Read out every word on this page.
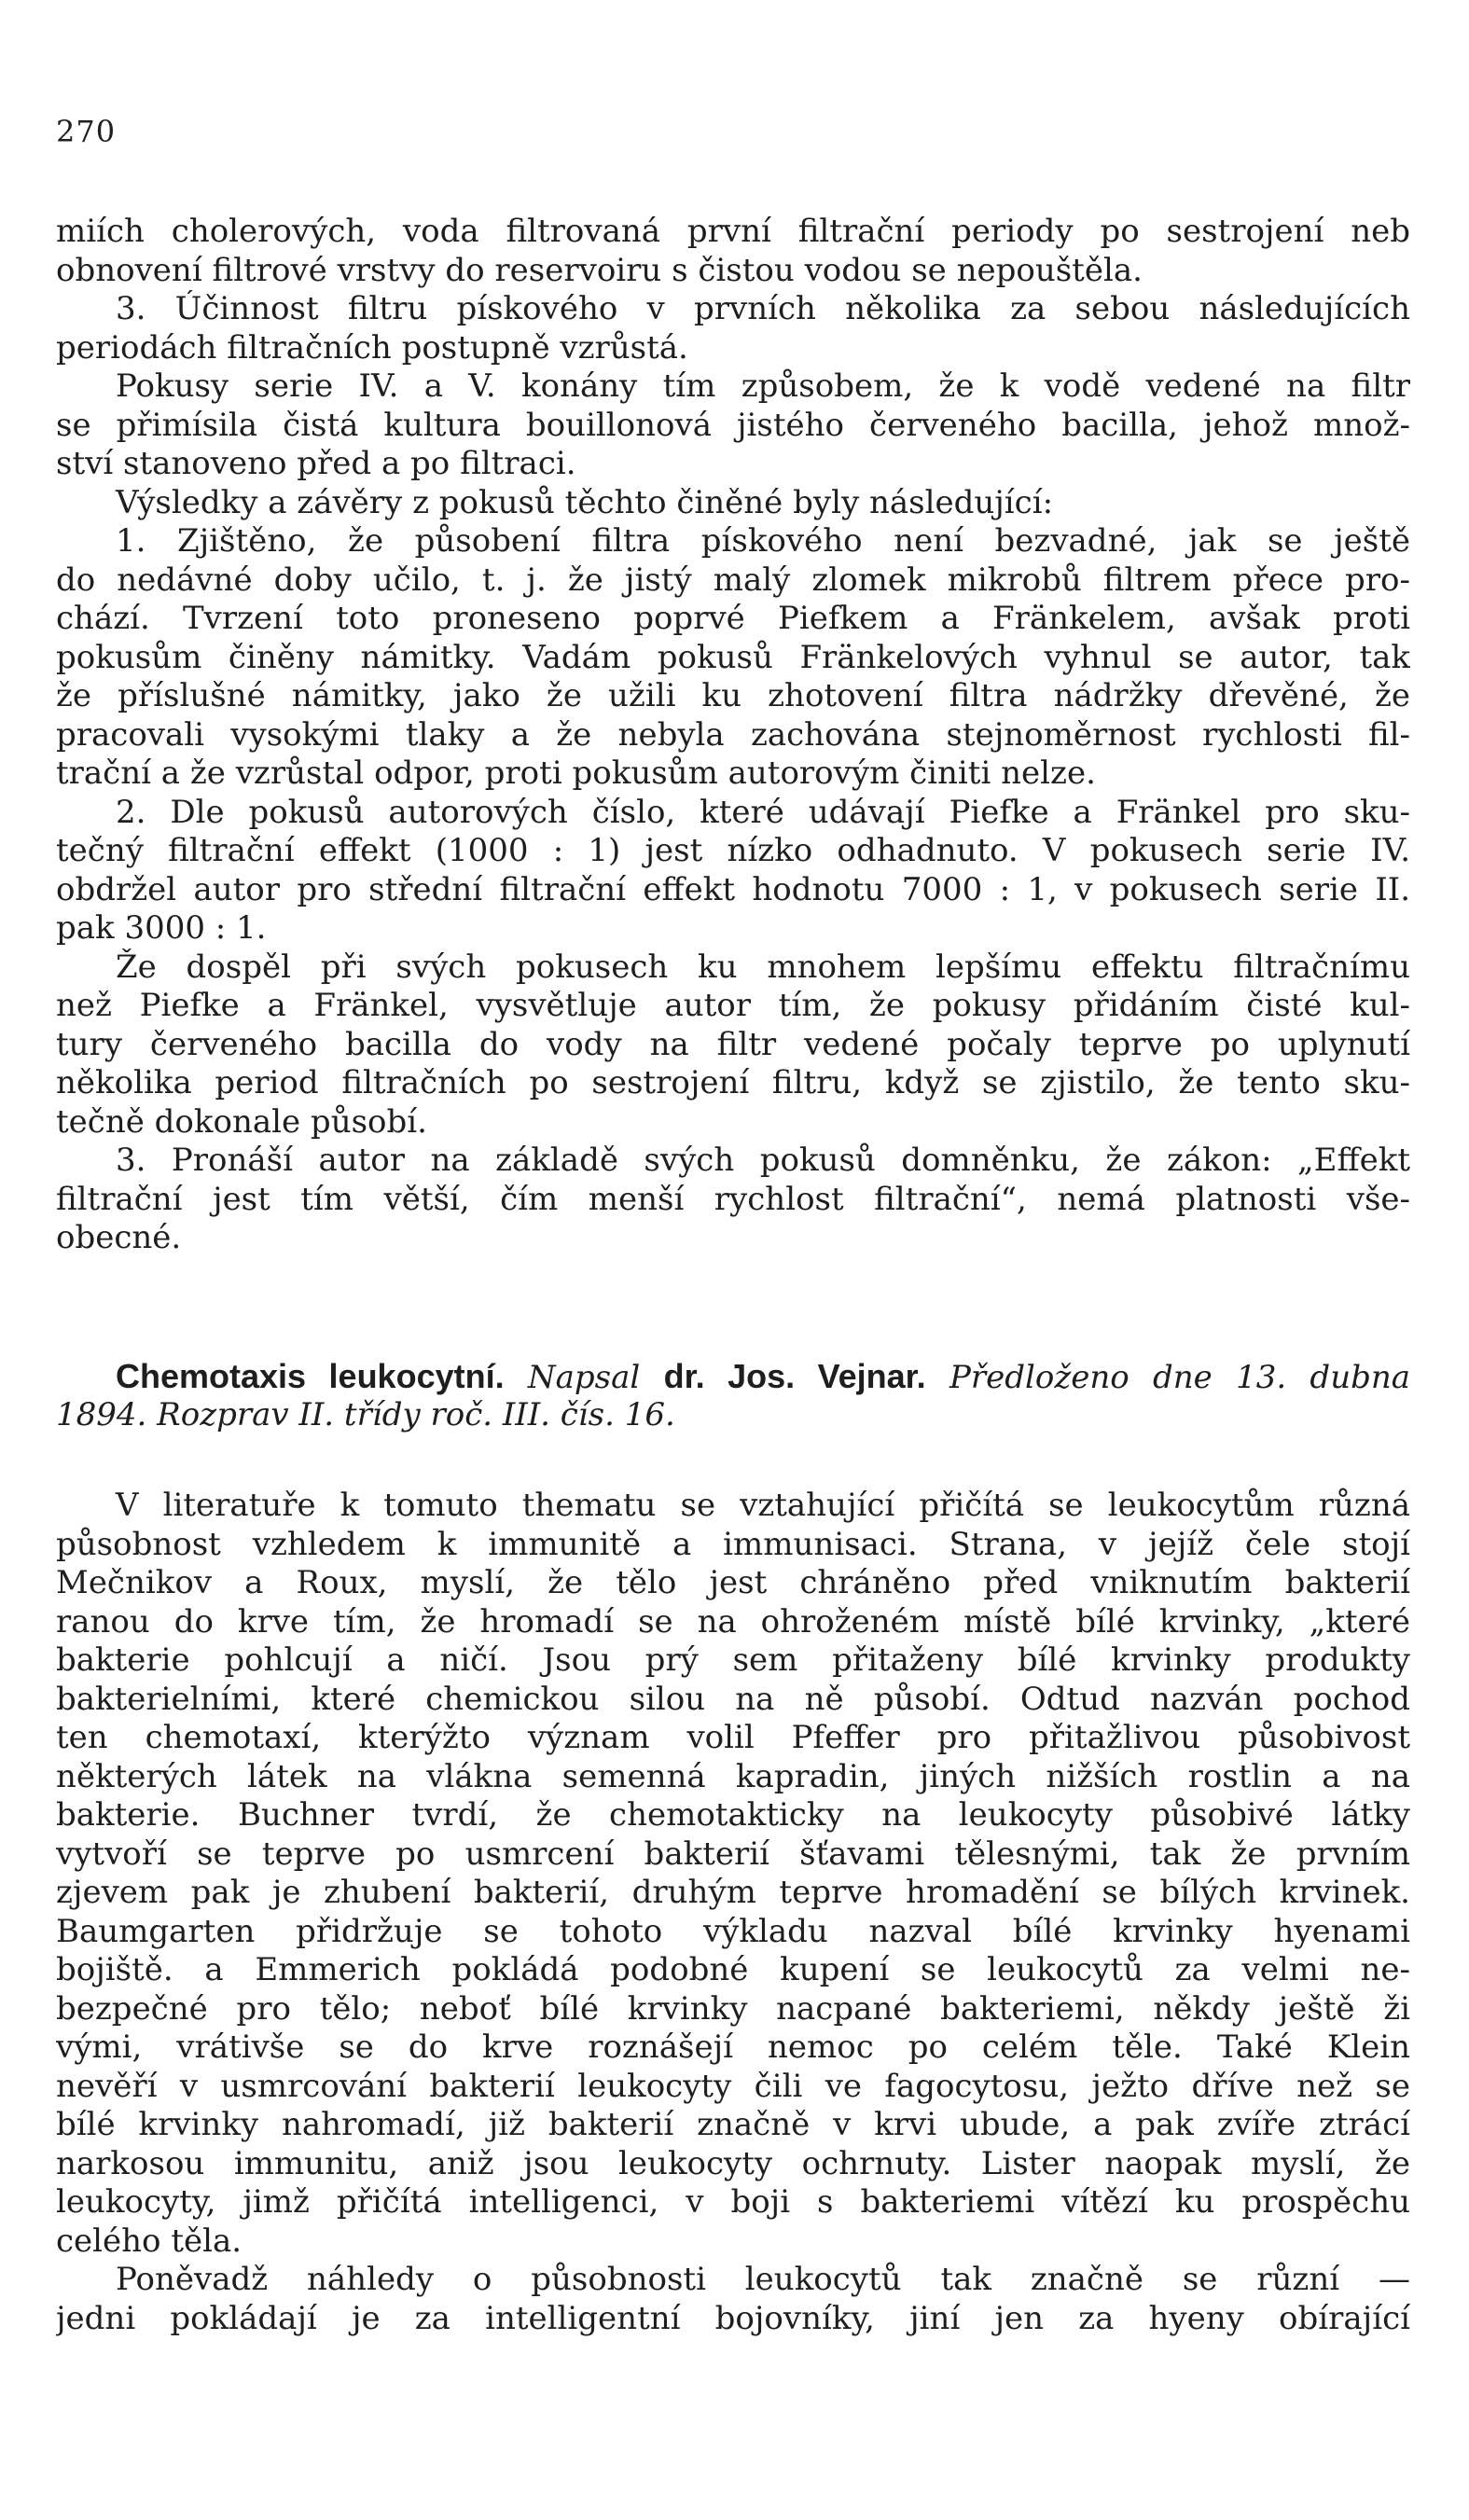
270
miích cholerových, voda filtrovaná první filtrační periody po sestrojení neb
obnovení filtrové vrstvy do reservoiru s čistou vodou se nepouštěla.
3. Účinnost filtru pískového v prvních několika za sebou následujících
periodách filtračních postupně vzrůstá.
Pokusy serie IV. a V. konány tím způsobem, že k vodě vedené na filtr
se přimísila čistá kultura bouillonová jistého červeného bacilla, jehož množ-
ství stanoveno před a po filtraci.
Výsledky a závěry z pokusů těchto činěné byly následující:
1. Zjištěno, že působení filtra pískového není bezvadné, jak se ještě
do nedávné doby učilo, t. j. že jistý malý zlomek mikrobů filtrem přece pro-
chází. Tvrzení toto proneseno poprvé Piefkem a Fränkelem, avšak proti
pokusům činěny námitky. Vadám pokusů Fränkelových vyhnul se autor, tak
že příslušné námitky, jako že užili ku zhotovení filtra nádržky dřevěné, že
pracovali vysokými tlaky a že nebyla zachována stejnoměrnost rychlosti fil-
trační a že vzrůstal odpor, proti pokusům autorovým činiti nelze.
2. Dle pokusů autorových číslo, které udávají Piefke a Fränkel pro sku-
tečný filtrační effekt (1000 : 1) jest nízko odhadnuto. V pokusech serie IV.
obdržel autor pro střední filtrační effekt hodnotu 7000 : 1, v pokusech serie II.
pak 3000 : 1.
Že dospěl při svých pokusech ku mnohem lepšímu effektu filtračnímu
než Piefke a Fränkel, vysvětluje autor tím, že pokusy přidáním čisté kul-
tury červeného bacilla do vody na filtr vedené počaly teprve po uplynutí
několika period filtračních po sestrojení filtru, když se zjistilo, že tento sku-
tečně dokonale působí.
3. Pronáší autor na základě svých pokusů domněnku, že zákon: „Effekt
filtrační jest tím větší, čím menší rychlost filtrační“, nemá platnosti vše-
obecné.
Chemotaxis leukocytní. Napsal dr. Jos. Vejnar. Předloženo dne 13. dubna
1894. Rozprav II. třídy roč. III. čís. 16.
V literatuře k tomuto thematu se vztahující přičítá se leukocytům různá
působnost vzhledem k immunitě a immunisaci. Strana, v jejíž čele stojí
Mečnikov a Roux, myslí, že tělo jest chráněno před vniknutím bakterií
ranou do krve tím, že hromadí se na ohroženém místě bílé krvinky, „které
bakterie pohlcují a ničí. Jsou prý sem přitaženy bílé krvinky produkty
bakterielními, které chemickou silou na ně působí. Odtud nazván pochod
ten chemotaxí, kterýžto význam volil Pfeffer pro přitažlivou působivost
některých látek na vlákna semenná kapradin, jiných nižších rostlin a na
bakterie. Buchner tvrdí, že chemotakticky na leukocyty působivé látky
vytvoří se teprve po usmrcení bakterií šťavami tělesnými, tak že prvním
zjevem pak je zhubení bakterií, druhým teprve hromadění se bílých krvinek.
Baumgarten přidržuje se tohoto výkladu nazval bílé krvinky hyenami
bojiště. a Emmerich pokládá podobné kupení se leukocytů za velmi ne-
bezpečné pro tělo; neboť bílé krvinky nacpané bakteriemi, někdy ještě ži
vými, vrátivše se do krve roznášejí nemoc po celém těle. Také Klein
nevěří v usmrcování bakterií leukocyty čili ve fagocytosu, ježto dříve než se
bílé krvinky nahromadí, již bakterií značně v krvi ubude, a pak zvíře ztrácí
narkosou immunitu, aniž jsou leukocyty ochrnuty. Lister naopak myslí, že
leukocyty, jimž přičítá intelligenci, v boji s bakteriemi vítězí ku prospěchu
celého těla.
Poněvadž náhledy o působnosti leukocytů tak značně se různí —
jedni pokládají je za intelligentní bojovníky, jiní jen za hyeny obírající
